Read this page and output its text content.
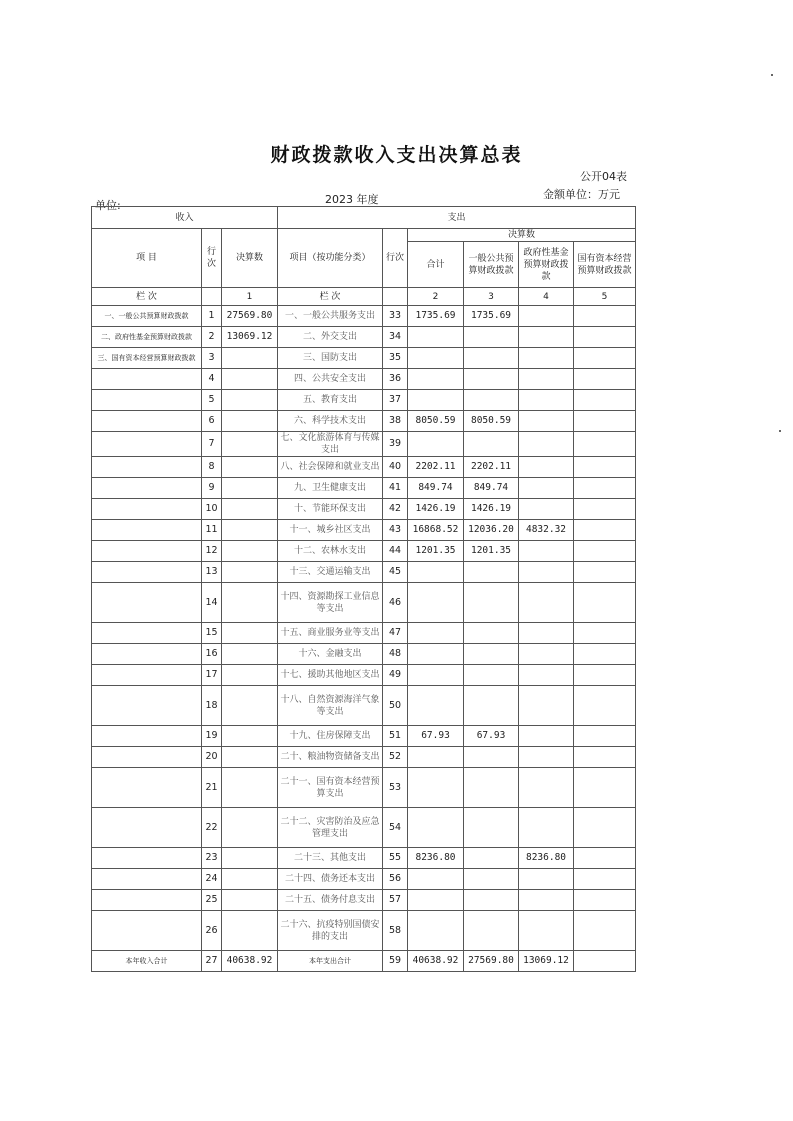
财政拨款收入支出决算总表
公开04表
金额单位：万元
2023 年度
单位:
收入			支出					
项 目	行次	决算数	项目（按功能分类）	行次	决算数			
					合计	一般公共预算财政拨款	政府性基金预算财政拨款	国有资本经营预算财政拨款
栏 次		1	栏 次		2	3	4	5
一、一般公共预算财政拨款	1	27569.80	一、一般公共服务支出	33	1735.69	1735.69		
二、政府性基金预算财政拨款	2	13069.12	二、外交支出	34				
三、国有资本经营预算财政拨款	3		三、国防支出	35				
	4		四、公共安全支出	36				
	5		五、教育支出	37				
	6		六、科学技术支出	38	8050.59	8050.59		
	7		七、文化旅游体育与传媒支出	39				
	8		八、社会保障和就业支出	40	2202.11	2202.11		
	9		九、卫生健康支出	41	849.74	849.74		
	10		十、节能环保支出	42	1426.19	1426.19		
	11		十一、城乡社区支出	43	16868.52	12036.20	4832.32	
	12		十二、农林水支出	44	1201.35	1201.35		
	13		十三、交通运输支出	45				
	14		十四、资源勘探工业信息等支出	46				
	15		十五、商业服务业等支出	47				
	16		十六、金融支出	48				
	17		十七、援助其他地区支出	49				
	18		十八、自然资源海洋气象等支出	50				
	19		十九、住房保障支出	51	67.93	67.93		
	20		二十、粮油物资储备支出	52				
	21		二十一、国有资本经营预算支出	53				
	22		二十二、灾害防治及应急管理支出	54				
	23		二十三、其他支出	55	8236.80		8236.80	
	24		二十四、债务还本支出	56				
	25		二十五、债务付息支出	57				
	26		二十六、抗疫特别国债安排的支出	58				
本年收入合计	27	40638.92	本年支出合计	59	40638.92	27569.80	13069.12	
